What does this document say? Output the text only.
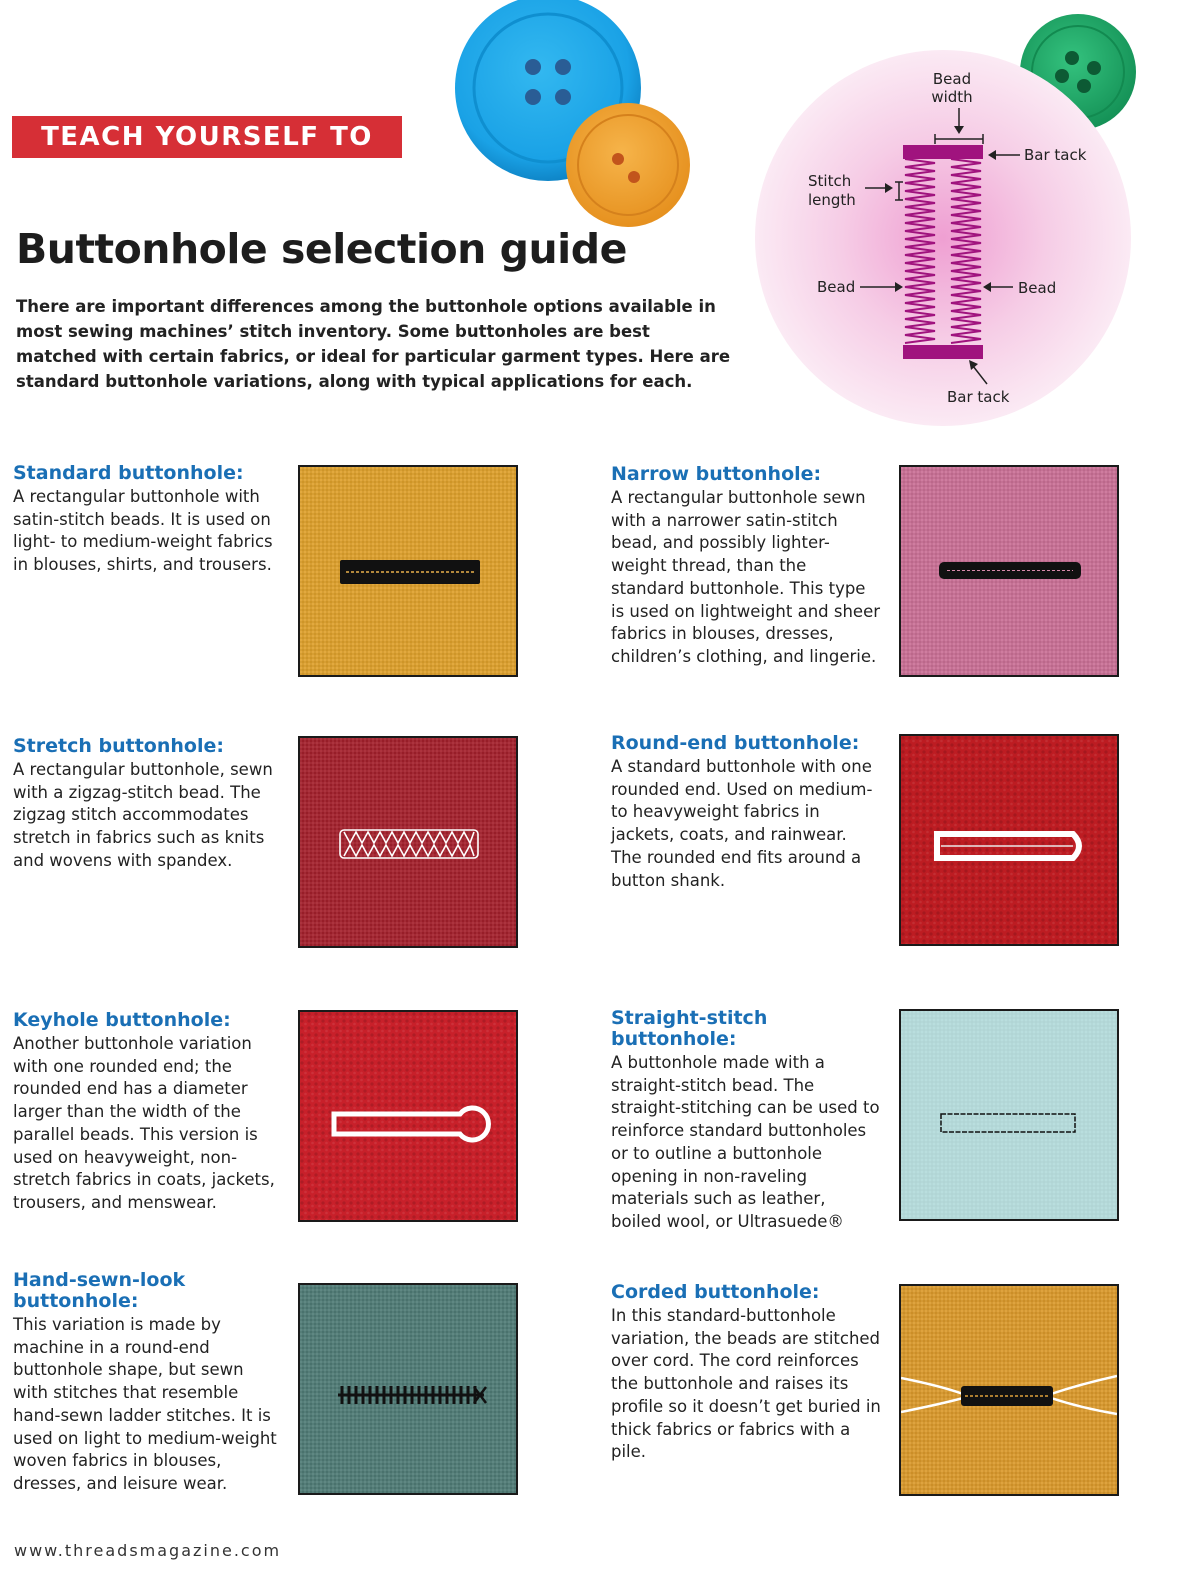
TEACH YOURSELF TO SEW
Buttonhole selection guide

There are important differences among the buttonhole options available in most sewing machines’ stitch inventory. Some buttonholes are best matched with certain fabrics, or ideal for particular garment types. Here are standard buttonhole variations, along with typical applications for each.

Bead
width
Bar tack
Stitch
length
Bead	Bead
Bar tack
Standard buttonhole:

A rectangular buttonhole with satin-stitch beads. It is used on light- to medium-weight fabrics in blouses, shirts, and trousers.

Narrow buttonhole:

A rectangular buttonhole sewn with a narrower satin-stitch bead, and possibly lighter-weight thread, than the standard buttonhole. This type is used on lightweight and sheer fabrics in blouses, dresses, children’s clothing, and lingerie.

Stretch buttonhole:

A rectangular buttonhole, sewn with a zigzag-stitch bead. The zigzag stitch accommodates stretch in fabrics such as knits and wovens with spandex.

Round-end buttonhole:

A standard buttonhole with one rounded end. Used on medium- to heavyweight fabrics in jackets, coats, and rainwear. The rounded end fits around a button shank.

Keyhole buttonhole:

Another buttonhole variation with one rounded end; the rounded end has a diameter larger than the width of the parallel beads. This version is used on heavyweight, non-stretch fabrics in coats, jackets, trousers, and menswear.

Straight-stitch buttonhole:

A buttonhole made with a straight-stitch bead. The straight-stitching can be used to reinforce standard buttonholes or to outline a buttonhole opening in non-raveling materials such as leather, boiled wool, or Ultrasuede®

Hand-sewn-look buttonhole:

This variation is made by machine in a round-end buttonhole shape, but sewn with stitches that resemble hand-sewn ladder stitches. It is used on light to medium-weight woven fabrics in blouses, dresses, and leisure wear.

Corded buttonhole:

In this standard-buttonhole variation, the beads are stitched over cord. The cord reinforces the buttonhole and raises its profile so it doesn’t get buried in thick fabrics or fabrics with a pile.

www.threadsmagazine.com
